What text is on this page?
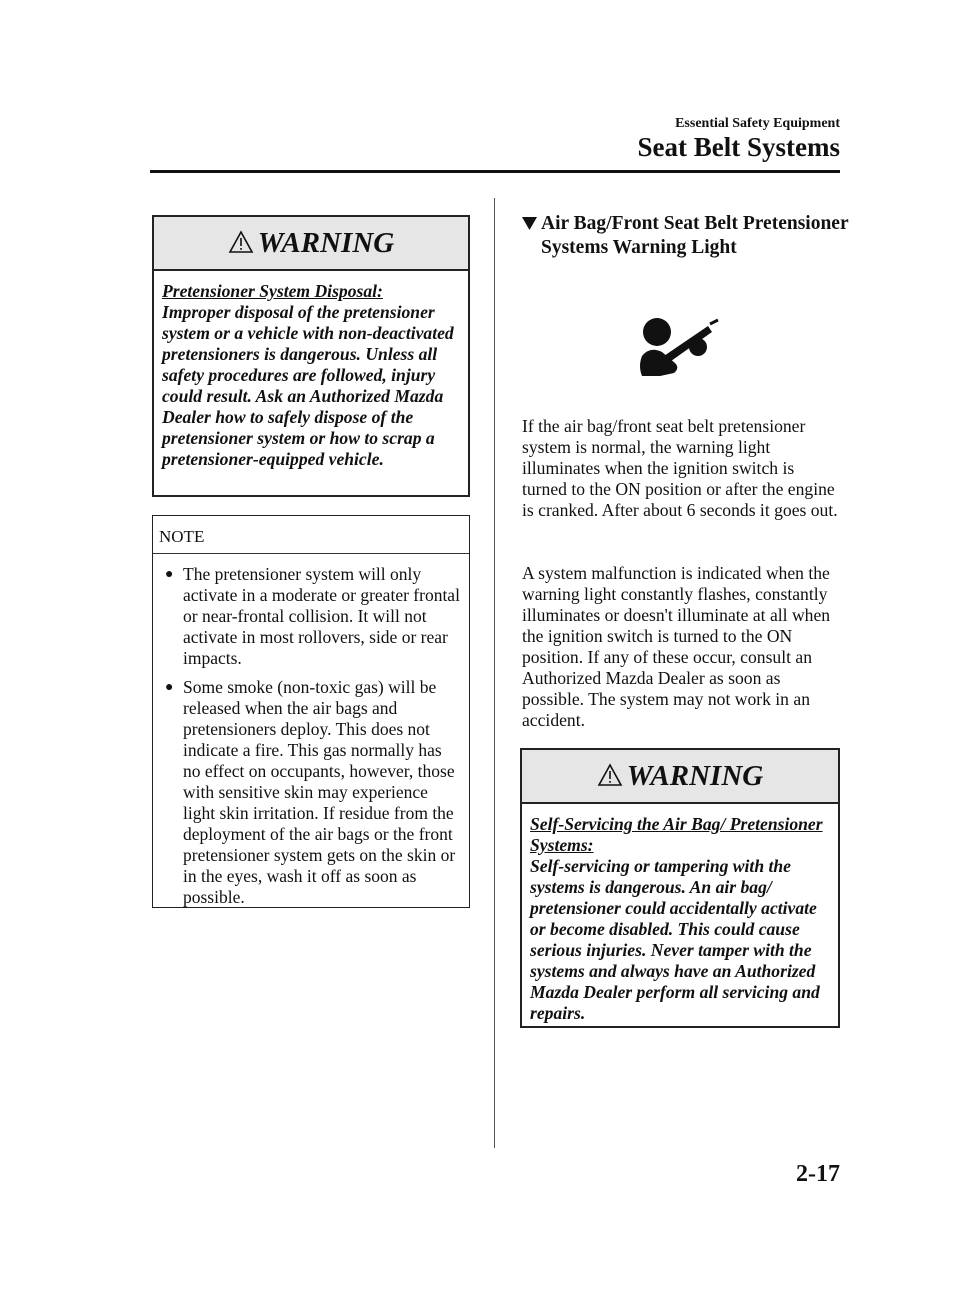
Essential Safety Equipment
Seat Belt Systems
WARNING
Pretensioner System Disposal:
Improper disposal of the pretensioner system or a vehicle with non-deactivated pretensioners is dangerous. Unless all safety procedures are followed, injury could result. Ask an Authorized Mazda Dealer how to safely dispose of the pretensioner system or how to scrap a pretensioner-equipped vehicle.
NOTE
● The pretensioner system will only activate in a moderate or greater frontal or near-frontal collision. It will not activate in most rollovers, side or rear impacts.
● Some smoke (non-toxic gas) will be released when the air bags and pretensioners deploy. This does not indicate a fire. This gas normally has no effect on occupants, however, those with sensitive skin may experience light skin irritation. If residue from the deployment of the air bags or the front pretensioner system gets on the skin or in the eyes, wash it off as soon as possible.
Air Bag/Front Seat Belt Pretensioner Systems Warning Light
If the air bag/front seat belt pretensioner system is normal, the warning light illuminates when the ignition switch is turned to the ON position or after the engine is cranked. After about 6 seconds it goes out.
A system malfunction is indicated when the warning light constantly flashes, constantly illuminates or doesn't illuminate at all when the ignition switch is turned to the ON position. If any of these occur, consult an Authorized Mazda Dealer as soon as possible. The system may not work in an accident.
WARNING
Self-Servicing the Air Bag/ Pretensioner Systems:
Self-servicing or tampering with the systems is dangerous. An air bag/ pretensioner could accidentally activate or become disabled. This could cause serious injuries. Never tamper with the systems and always have an Authorized Mazda Dealer perform all servicing and repairs.
2-17
